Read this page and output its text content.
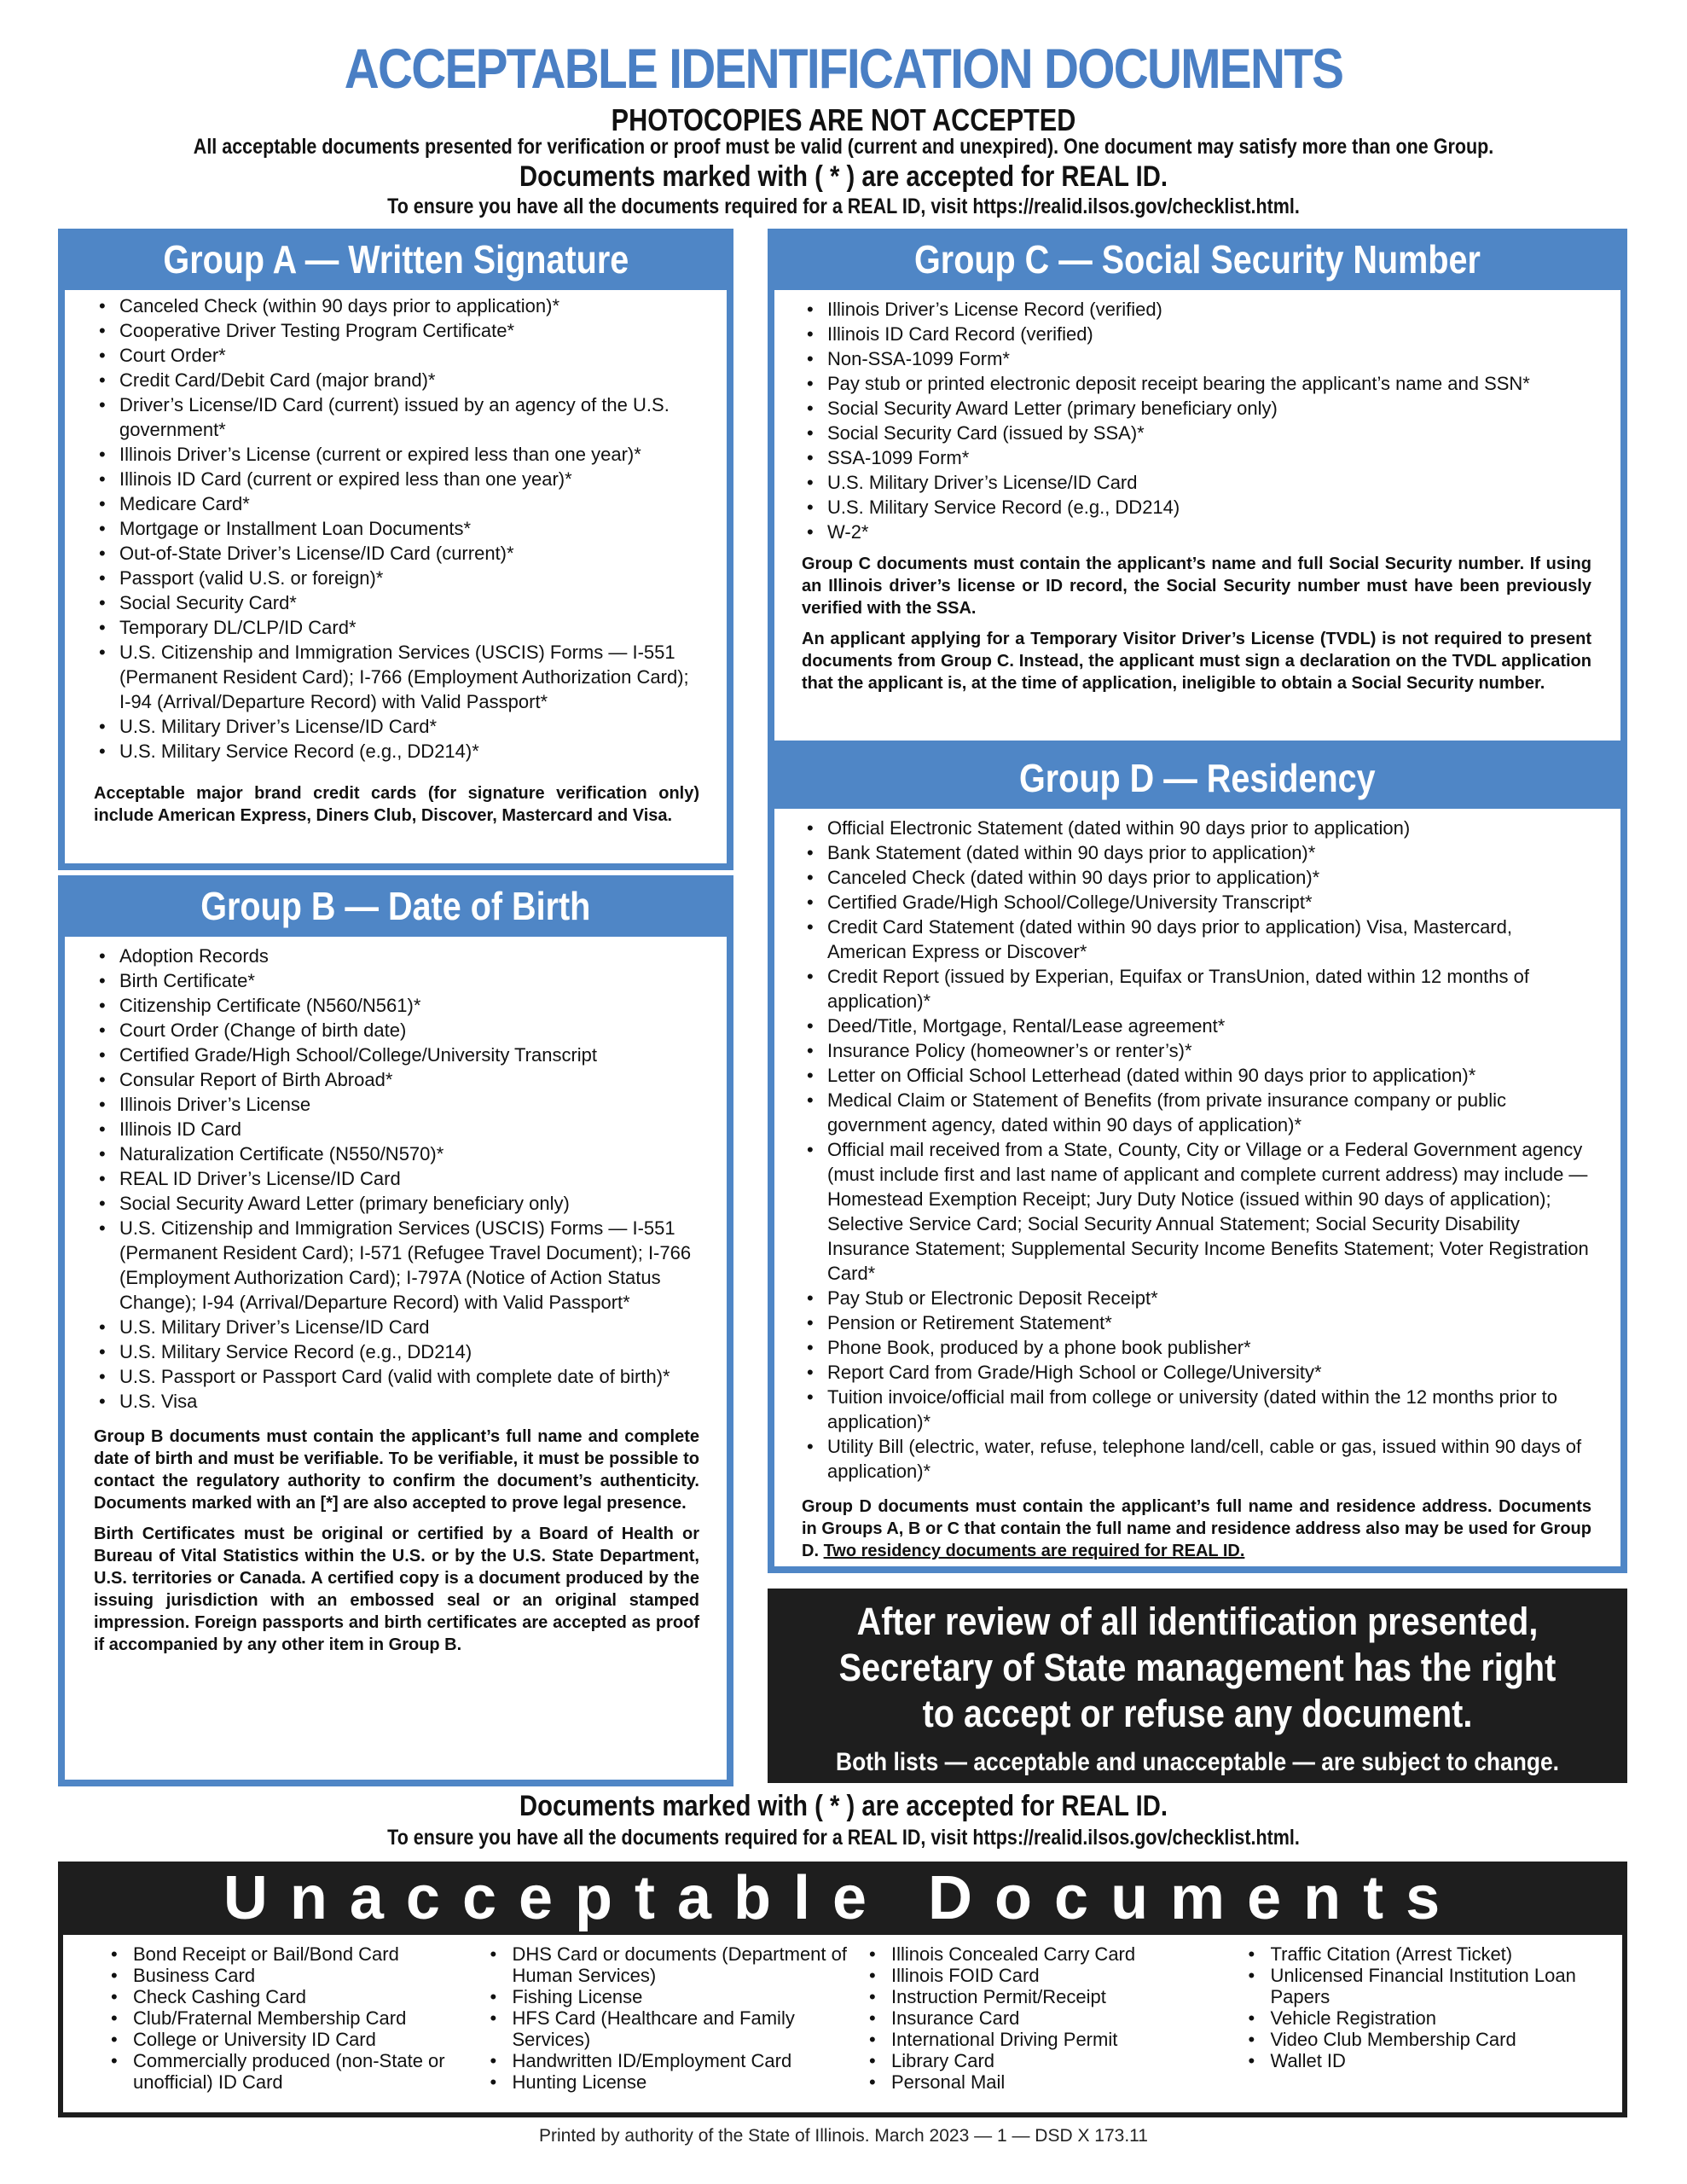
ACCEPTABLE IDENTIFICATION DOCUMENTS
PHOTOCOPIES ARE NOT ACCEPTED
All acceptable documents presented for verification or proof must be valid (current and unexpired). One document may satisfy more than one Group.
Documents marked with ( * ) are accepted for REAL ID.
To ensure you have all the documents required for a REAL ID, visit https://realid.ilsos.gov/checklist.html.
Group A — Written Signature
• Canceled Check (within 90 days prior to application)*
• Cooperative Driver Testing Program Certificate*
• Court Order*
• Credit Card/Debit Card (major brand)*
• Driver’s License/ID Card (current) issued by an agency of the U.S. government*
• Illinois Driver’s License (current or expired less than one year)*
• Illinois ID Card (current or expired less than one year)*
• Medicare Card*
• Mortgage or Installment Loan Documents*
• Out-of-State Driver’s License/ID Card (current)*
• Passport (valid U.S. or foreign)*
• Social Security Card*
• Temporary DL/CLP/ID Card*
• U.S. Citizenship and Immigration Services (USCIS) Forms — I-551 (Permanent Resident Card); I-766 (Employment Authorization Card); I-94 (Arrival/Departure Record) with Valid Passport*
• U.S. Military Driver’s License/ID Card*
• U.S. Military Service Record (e.g., DD214)*
Acceptable major brand credit cards (for signature verification only) include American Express, Diners Club, Discover, Mastercard and Visa.
Group B — Date of Birth
• Adoption Records
• Birth Certificate*
• Citizenship Certificate (N560/N561)*
• Court Order (Change of birth date)
• Certified Grade/High School/College/University Transcript
• Consular Report of Birth Abroad*
• Illinois Driver’s License
• Illinois ID Card
• Naturalization Certificate (N550/N570)*
• REAL ID Driver’s License/ID Card
• Social Security Award Letter (primary beneficiary only)
• U.S. Citizenship and Immigration Services (USCIS) Forms — I-551 (Permanent Resident Card); I-571 (Refugee Travel Document); I-766 (Employment Authorization Card); I-797A (Notice of Action Status Change); I-94 (Arrival/Departure Record) with Valid Passport*
• U.S. Military Driver’s License/ID Card
• U.S. Military Service Record (e.g., DD214)
• U.S. Passport or Passport Card (valid with complete date of birth)*
• U.S. Visa
Group B documents must contain the applicant’s full name and complete date of birth and must be verifiable. To be verifiable, it must be possible to contact the regulatory authority to confirm the document’s authenticity. Documents marked with an [*] are also accepted to prove legal presence.
Birth Certificates must be original or certified by a Board of Health or Bureau of Vital Statistics within the U.S. or by the U.S. State Department, U.S. territories or Canada. A certified copy is a document produced by the issuing jurisdiction with an embossed seal or an original stamped impression. Foreign passports and birth certificates are accepted as proof if accompanied by any other item in Group B.
Group C — Social Security Number
• Illinois Driver’s License Record (verified)
• Illinois ID Card Record (verified)
• Non-SSA-1099 Form*
• Pay stub or printed electronic deposit receipt bearing the applicant’s name and SSN*
• Social Security Award Letter (primary beneficiary only)
• Social Security Card (issued by SSA)*
• SSA-1099 Form*
• U.S. Military Driver’s License/ID Card
• U.S. Military Service Record (e.g., DD214)
• W-2*
Group C documents must contain the applicant’s name and full Social Security number. If using an Illinois driver’s license or ID record, the Social Security number must have been previously verified with the SSA.
An applicant applying for a Temporary Visitor Driver’s License (TVDL) is not required to present documents from Group C. Instead, the applicant must sign a declaration on the TVDL application that the applicant is, at the time of application, ineligible to obtain a Social Security number.
Group D — Residency
• Official Electronic Statement (dated within 90 days prior to application)
• Bank Statement (dated within 90 days prior to application)*
• Canceled Check (dated within 90 days prior to application)*
• Certified Grade/High School/College/University Transcript*
• Credit Card Statement (dated within 90 days prior to application) Visa, Mastercard, American Express or Discover*
• Credit Report (issued by Experian, Equifax or TransUnion, dated within 12 months of application)*
• Deed/Title, Mortgage, Rental/Lease agreement*
• Insurance Policy (homeowner’s or renter’s)*
• Letter on Official School Letterhead (dated within 90 days prior to application)*
• Medical Claim or Statement of Benefits (from private insurance company or public government agency, dated within 90 days of application)*
• Official mail received from a State, County, City or Village or a Federal Government agency (must include first and last name of applicant and complete current address) may include — Homestead Exemption Receipt; Jury Duty Notice (issued within 90 days of application); Selective Service Card; Social Security Annual Statement; Social Security Disability Insurance Statement; Supplemental Security Income Benefits Statement; Voter Registration Card*
• Pay Stub or Electronic Deposit Receipt*
• Pension or Retirement Statement*
• Phone Book, produced by a phone book publisher*
• Report Card from Grade/High School or College/University*
• Tuition invoice/official mail from college or university (dated within the 12 months prior to application)*
• Utility Bill (electric, water, refuse, telephone land/cell, cable or gas, issued within 90 days of application)*
Group D documents must contain the applicant’s full name and residence address. Documents in Groups A, B or C that contain the full name and residence address also may be used for Group D. Two residency documents are required for REAL ID.
After review of all identification presented,
Secretary of State management has the right
to accept or refuse any document.
Both lists — acceptable and unacceptable — are subject to change.
Documents marked with ( * ) are accepted for REAL ID.
To ensure you have all the documents required for a REAL ID, visit https://realid.ilsos.gov/checklist.html.
Unacceptable Documents
• Bond Receipt or Bail/Bond Card
• Business Card
• Check Cashing Card
• Club/Fraternal Membership Card
• College or University ID Card
• Commercially produced (non-State or unofficial) ID Card
• DHS Card or documents (Department of Human Services)
• Fishing License
• HFS Card (Healthcare and Family Services)
• Handwritten ID/Employment Card
• Hunting License
• Illinois Concealed Carry Card
• Illinois FOID Card
• Instruction Permit/Receipt
• Insurance Card
• International Driving Permit
• Library Card
• Personal Mail
• Traffic Citation (Arrest Ticket)
• Unlicensed Financial Institution Loan Papers
• Vehicle Registration
• Video Club Membership Card
• Wallet ID
Printed by authority of the State of Illinois. March 2023 — 1 — DSD X 173.11
